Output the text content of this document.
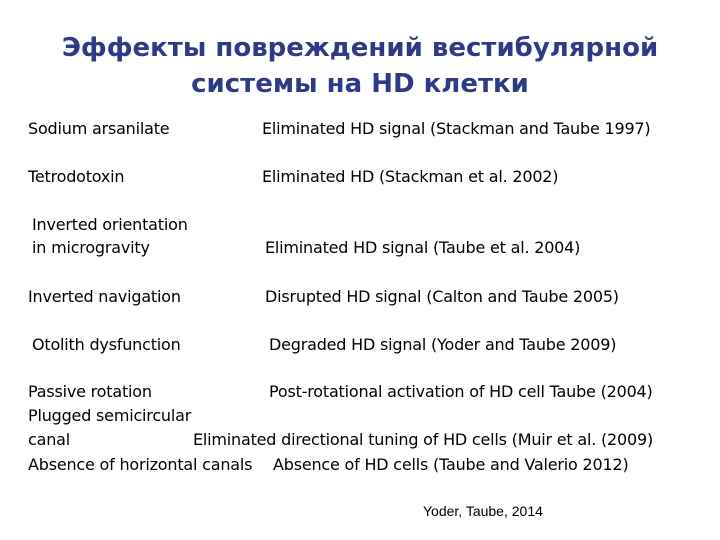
Эффекты повреждений вестибулярной
системы на HD клетки
Sodium arsanilate	Eliminated HD signal (Stackman and Taube 1997)
Tetrodotoxin	Eliminated HD (Stackman et al. 2002)
Inverted orientation
in microgravity	Eliminated HD signal (Taube et al. 2004)
Inverted navigation	Disrupted HD signal (Calton and Taube 2005)
Otolith dysfunction	Degraded HD signal (Yoder and Taube 2009)
Passive rotation	Post-rotational activation of HD cell Taube (2004)
Plugged semicircular
canal	Eliminated directional tuning of HD cells (Muir et al. (2009)
Absence of horizontal canals Absence of HD cells (Taube and Valerio 2012)
Yoder, Taube, 2014
